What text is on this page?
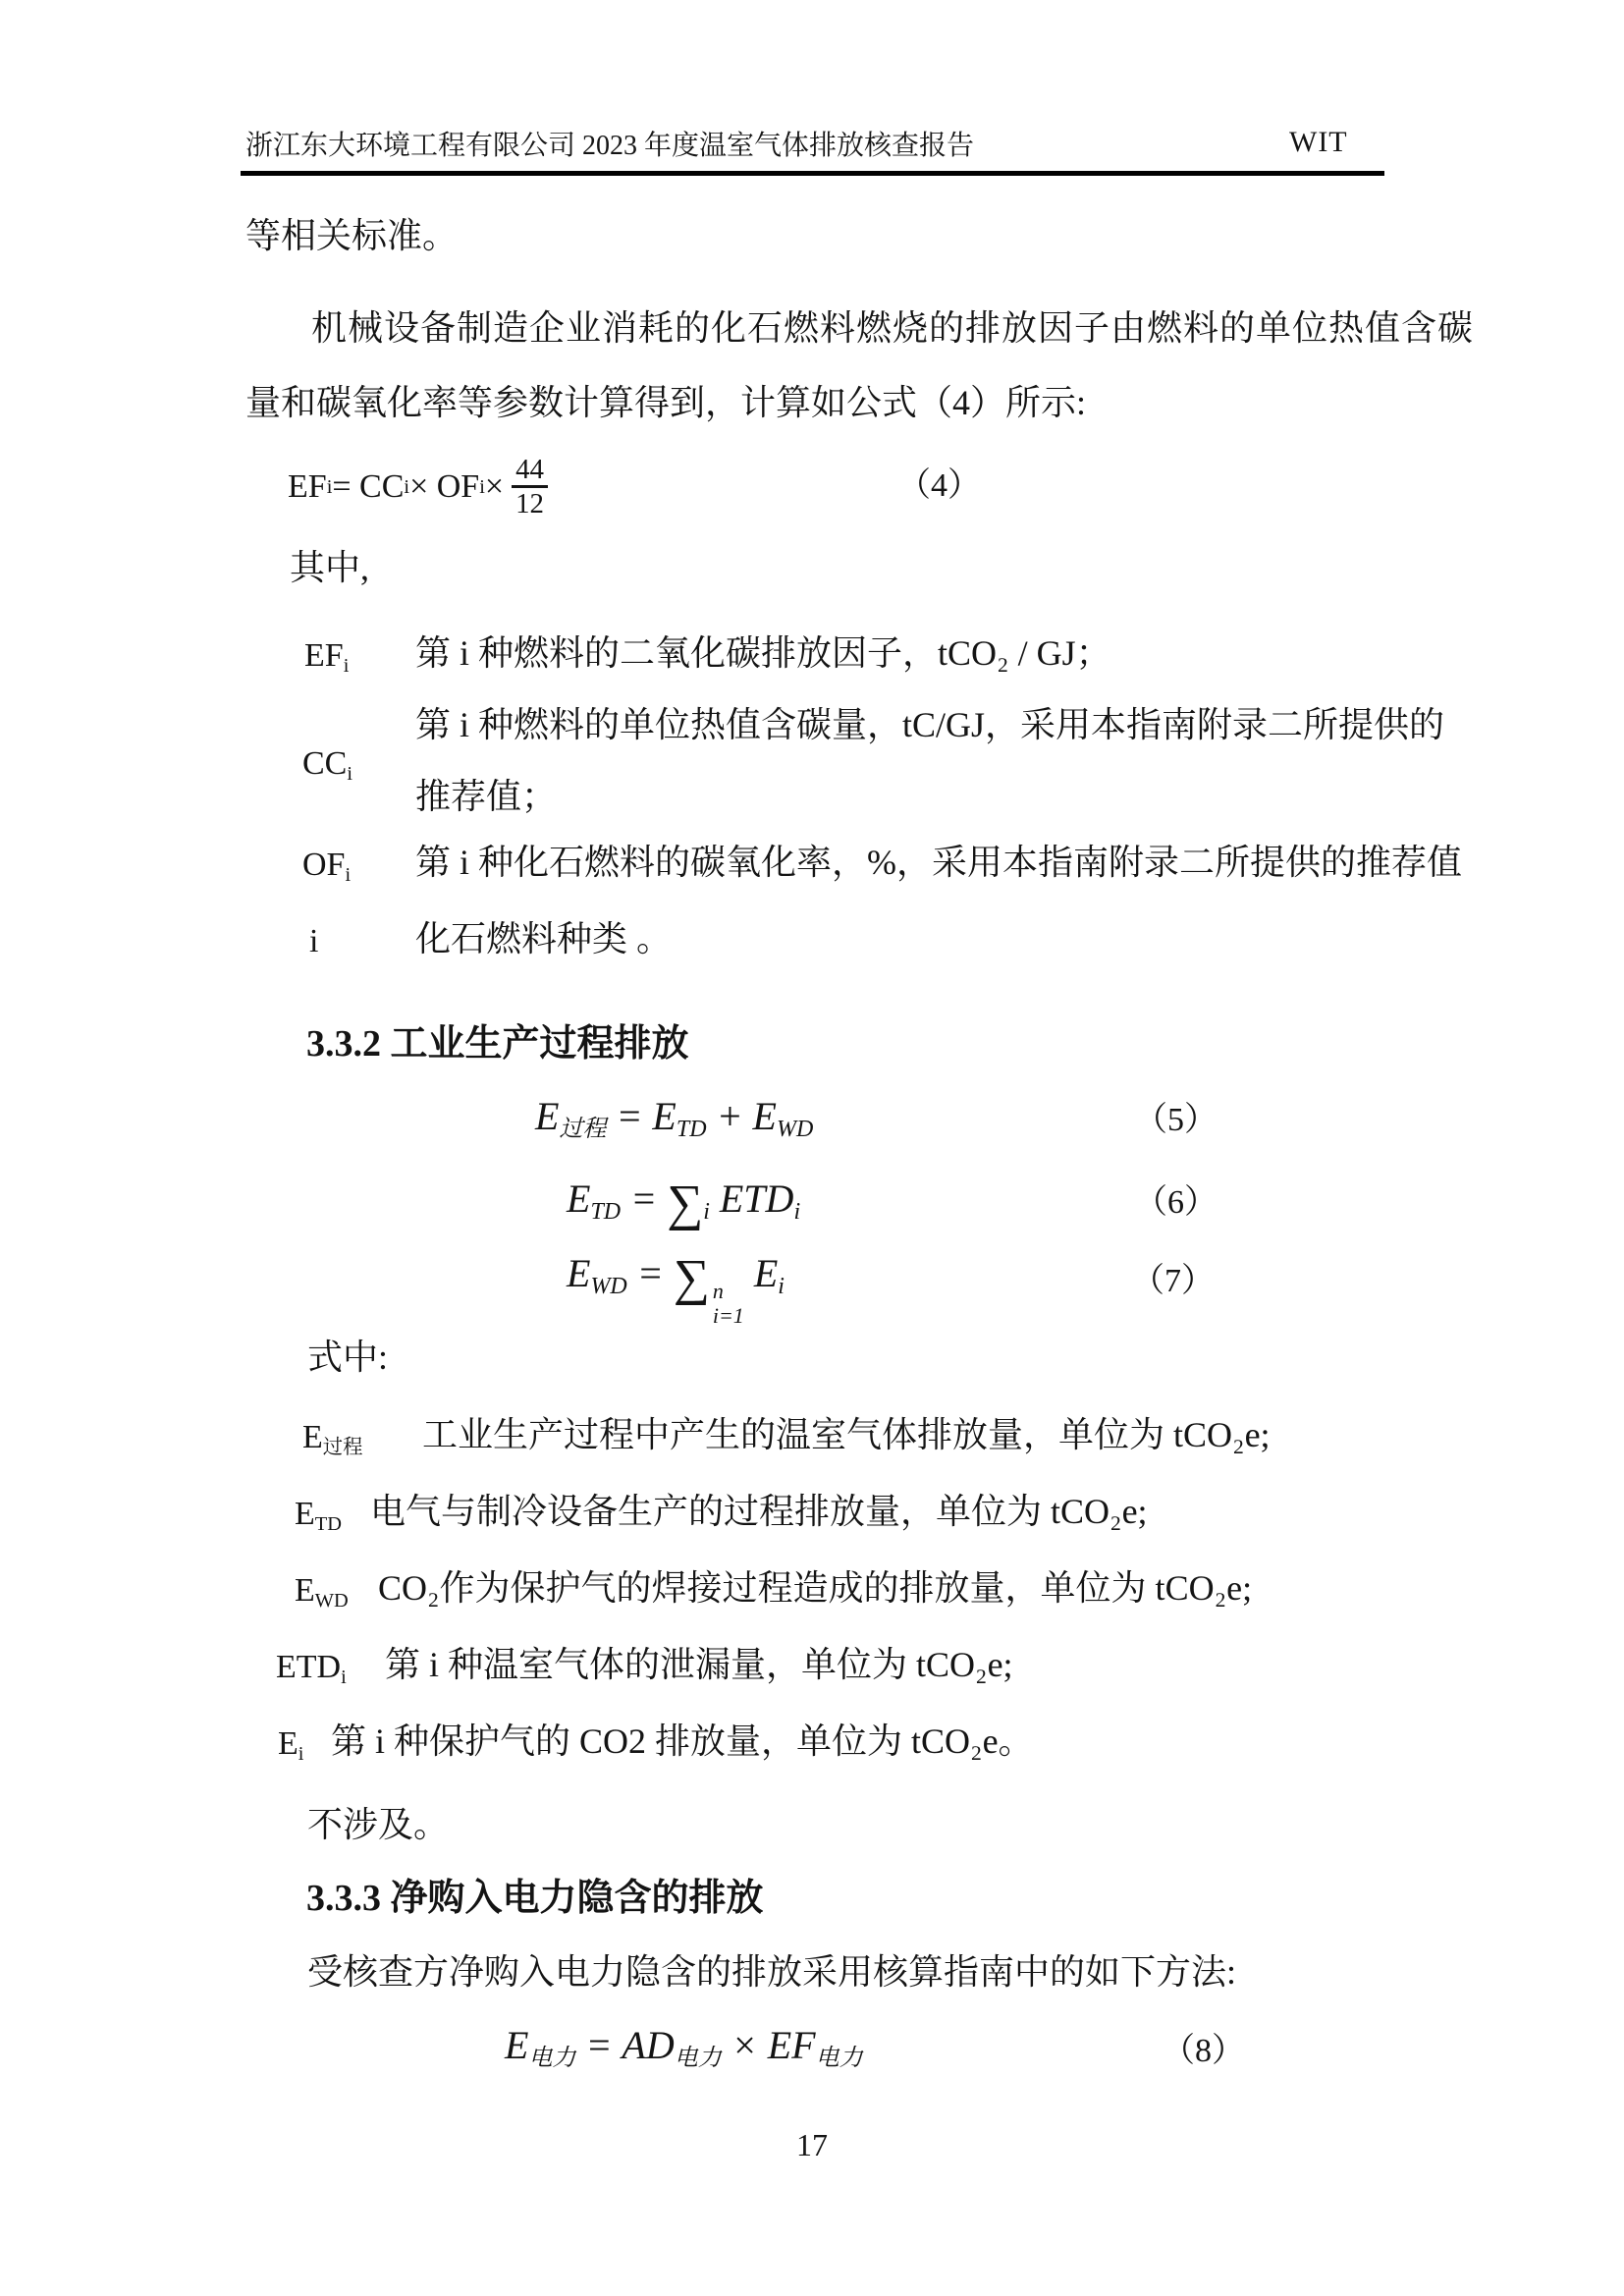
浙江东大环境工程有限公司 2023 年度温室气体排放核查报告	WIT
等相关标准。
机械设备制造企业消耗的化石燃料燃烧的排放因子由燃料的单位热值含碳
量和碳氧化率等参数计算得到，计算如公式（4）所示:
EF i = CC i × OF $i \times \frac{44}{12}$	（4）
其中,
EFi 第 i 种燃料的二氧化碳排放因子，tCO₂ / GJ；
第 i 种燃料的单位热值含碳量，tC/GJ，采用本指南附录二所提供的
CCi
推荐值；
OFi 第 i 种化石燃料的碳氧化率，%，采用本指南附录二所提供的推荐值
i	化石燃料种类 。
3.3.2 工业生产过程排放
E过程 = ETD + EWD	（5）
ETD = ∑i ETDi	（6）
EWD = ∑ n
i=1
Ei	（7）
式中:
E过程 工业生产过程中产生的温室气体排放量，单位为 tCO₂e;
ETD 电气与制冷设备生产的过程排放量，单位为 tCO₂e;
EWD CO₂作为保护气的焊接过程造成的排放量，单位为 tCO₂e;
ETDi 第 i 种温室气体的泄漏量，单位为 tCO₂e;
Ei 第 i 种保护气的 CO2 排放量，单位为 tCO₂e。
不涉及。
3.3.3 净购入电力隐含的排放
受核查方净购入电力隐含的排放采用核算指南中的如下方法:
E电力 = AD电力 × EF电力	（8）
17
